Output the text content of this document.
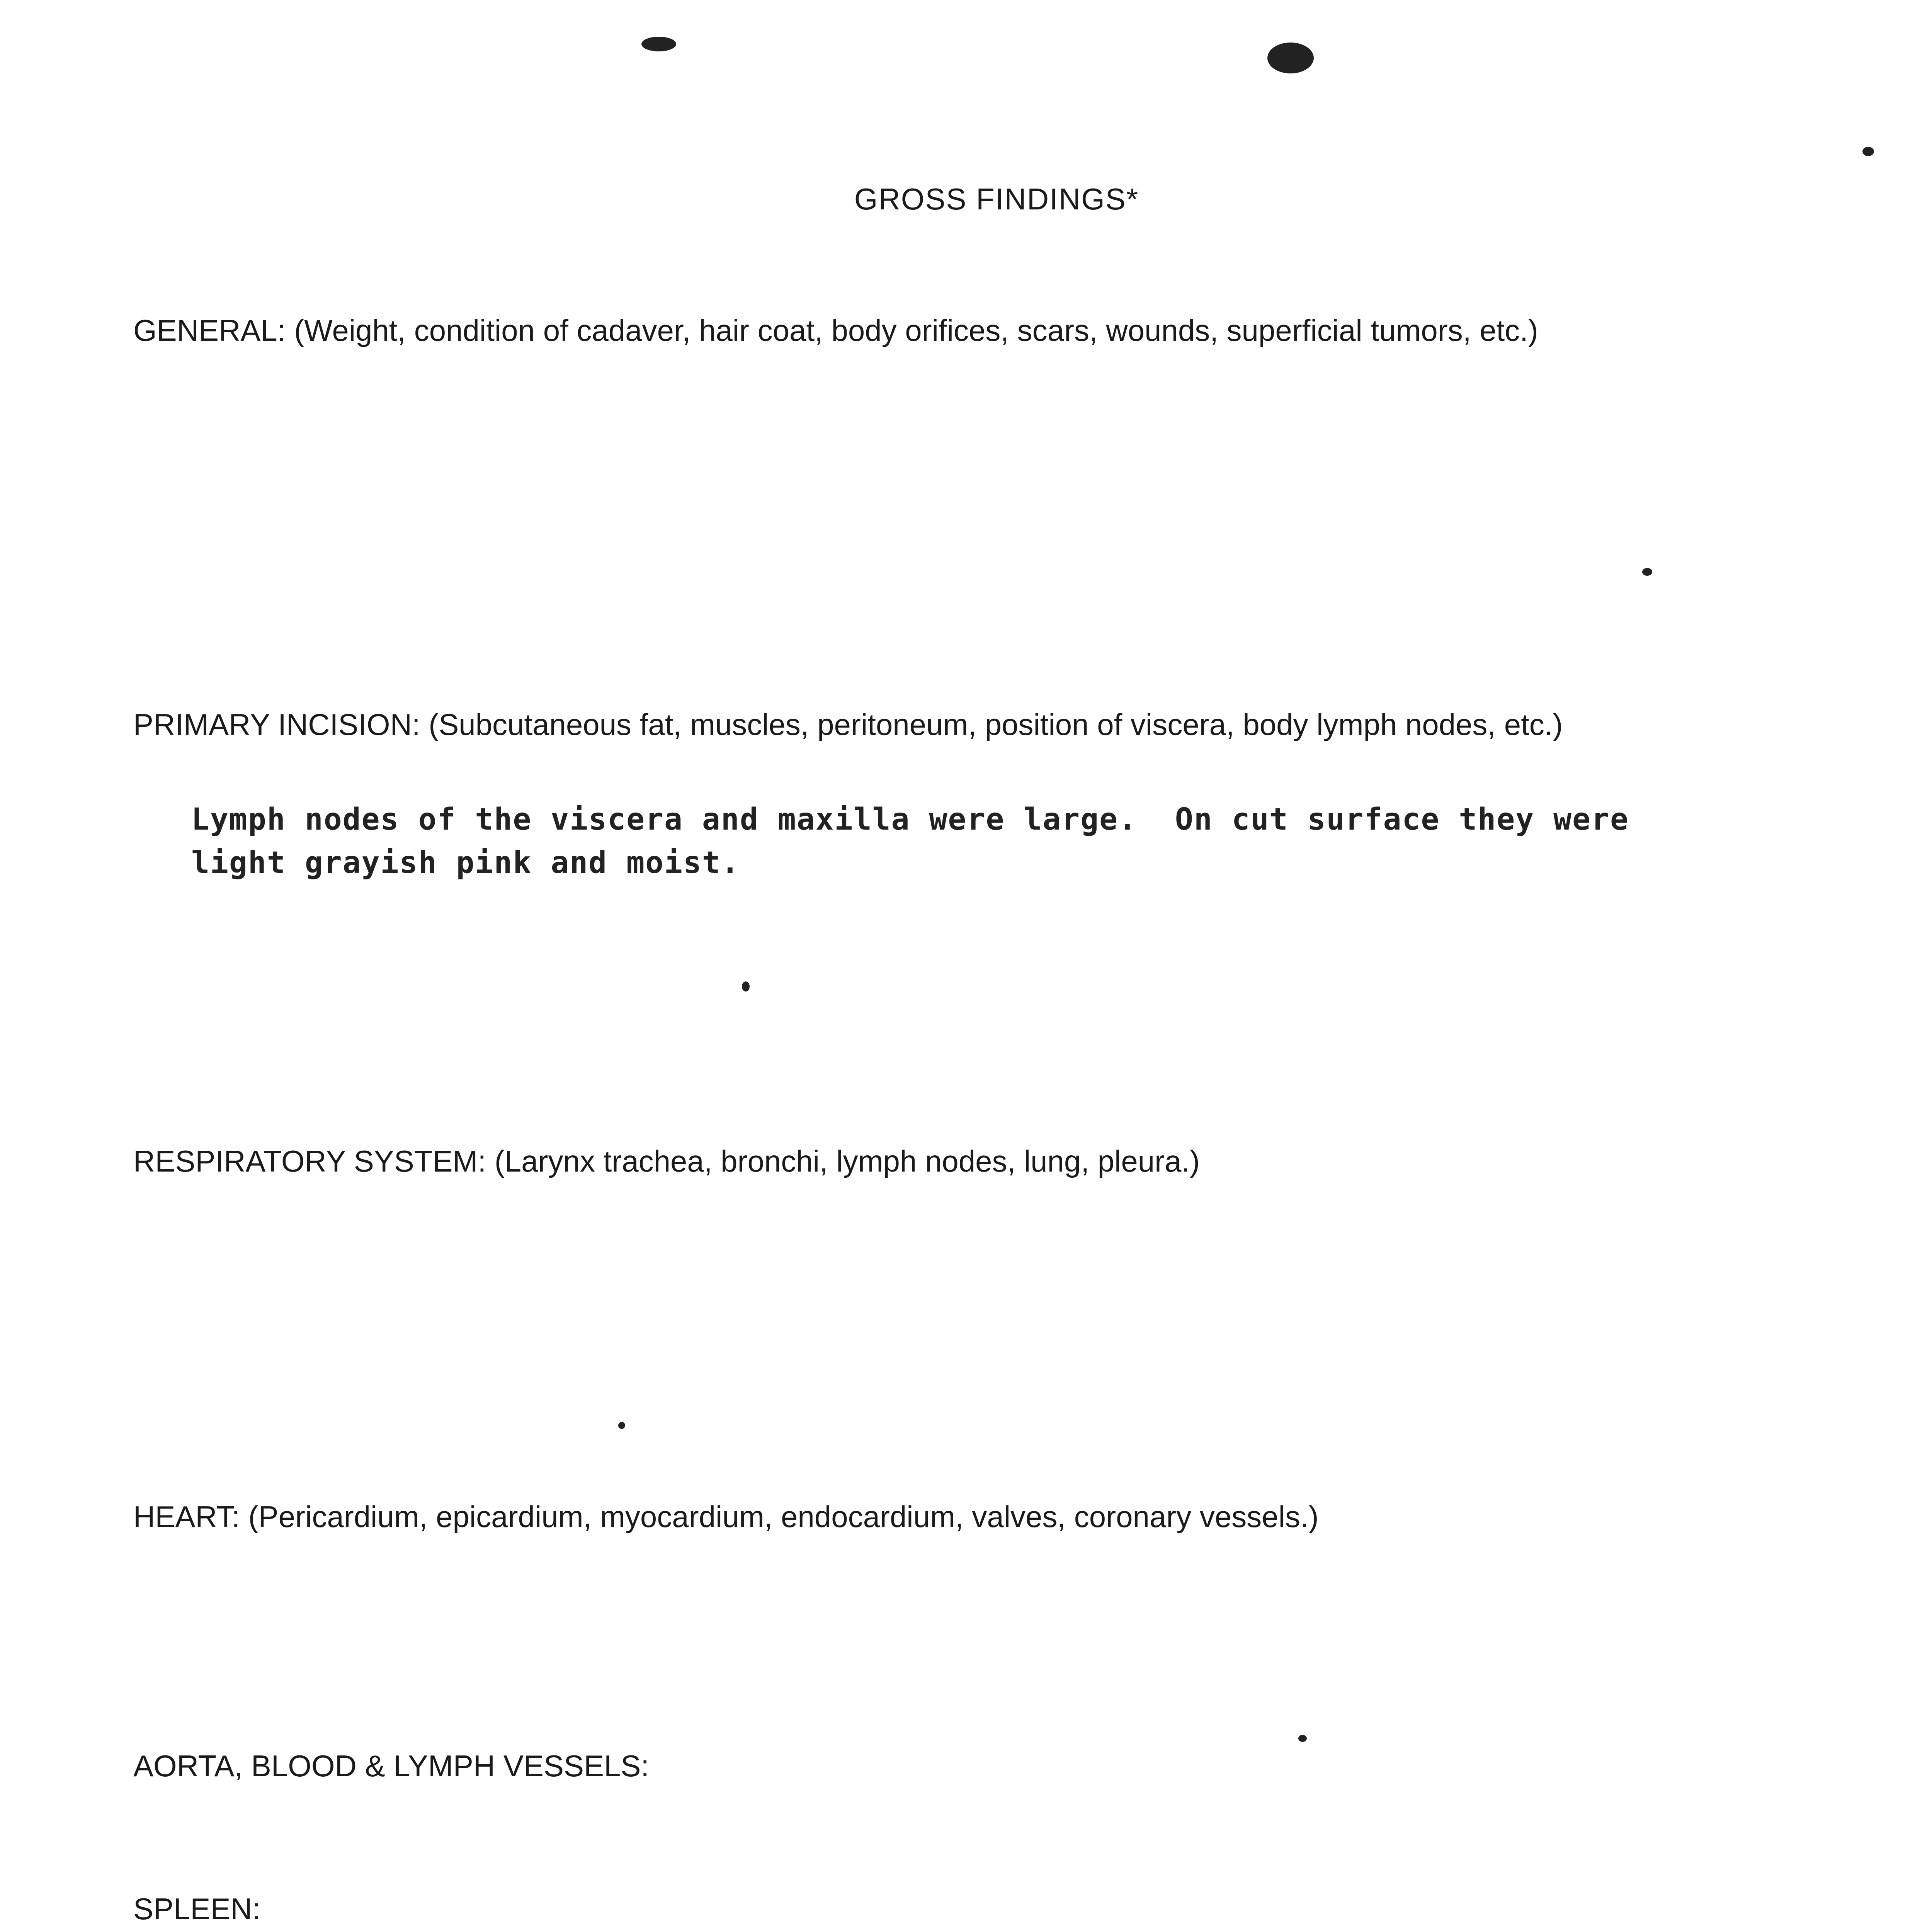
GROSS FINDINGS*
GENERAL: (Weight, condition of cadaver, hair coat, body orifices, scars, wounds, superficial tumors, etc.)
PRIMARY INCISION: (Subcutaneous fat, muscles, peritoneum, position of viscera, body lymph nodes, etc.)
Lymph nodes of the viscera and maxilla were large.  On cut surface they were
light grayish pink and moist.
RESPIRATORY SYSTEM: (Larynx trachea, bronchi, lymph nodes, lung, pleura.)
HEART: (Pericardium, epicardium, myocardium, endocardium, valves, coronary vessels.)
AORTA, BLOOD & LYMPH VESSELS:
SPLEEN:
